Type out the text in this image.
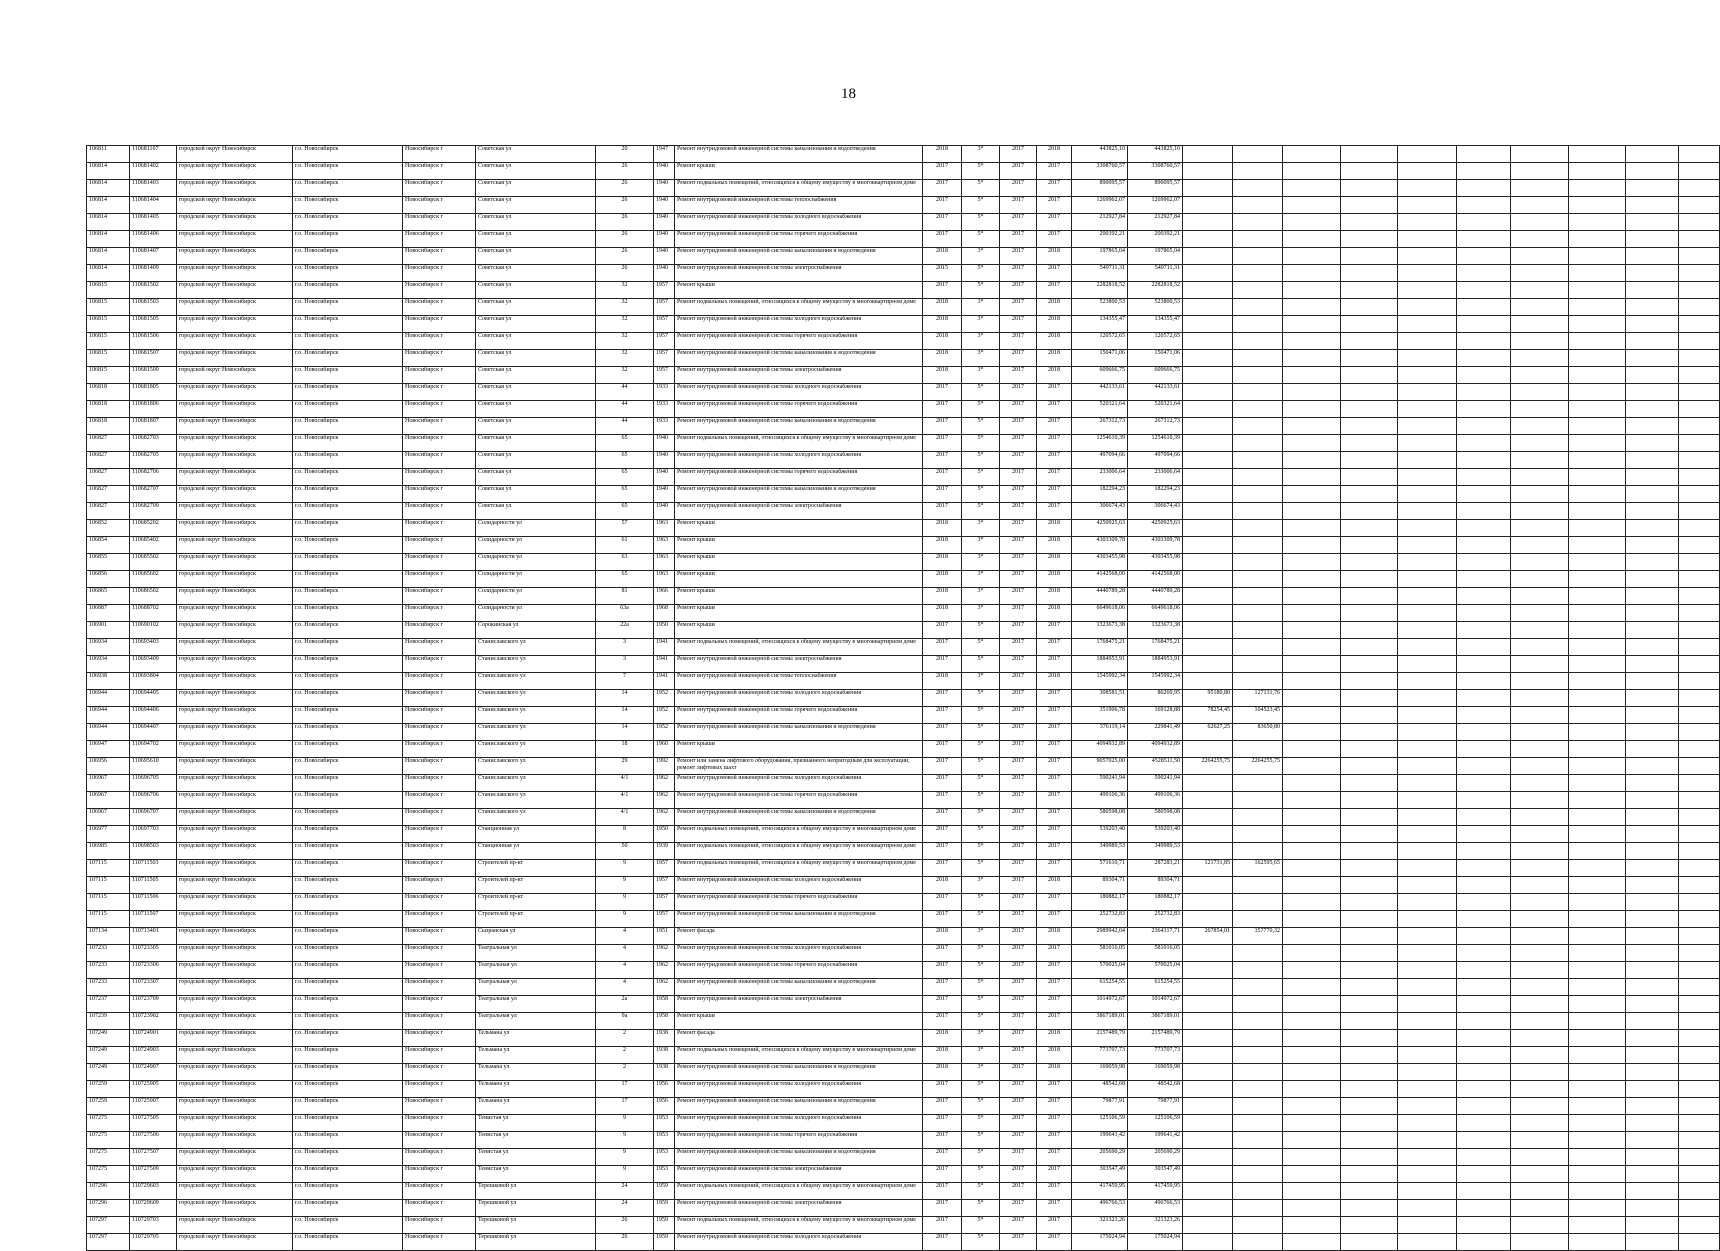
18
106811	110681107	городской округ Новосибирск	г.о. Новосибирск	Новосибирск г	Советская ул	20	1947	Ремонт внутридомовой инженерной системы канализования и водоотведения	2018	3*	2017	2018	443825,10	443825,10										
106814	110681402	городской округ Новосибирск	г.о. Новосибирск	Новосибирск г	Советская ул	26	1940	Ремонт крыши	2017	5*	2017	2017	3308760,57	3308760,57										
106814	110681403	городской округ Новосибирск	г.о. Новосибирск	Новосибирск г	Советская ул	26	1940	Ремонт подвальных помещений, относящихся к общему имуществу в многоквартирном доме	2017	5*	2017	2017	890095,57	890095,57										
106814	110681404	городской округ Новосибирск	г.о. Новосибирск	Новосибирск г	Советская ул	26	1940	Ремонт внутридомовой инженерной системы теплоснабжения	2017	5*	2017	2017	1269962,07	1269962,07										
106814	110681405	городской округ Новосибирск	г.о. Новосибирск	Новосибирск г	Советская ул	26	1940	Ремонт внутридомовой инженерной системы холодного водоснабжения	2017	5*	2017	2017	212927,84	212927,84										
106814	110681406	городской округ Новосибирск	г.о. Новосибирск	Новосибирск г	Советская ул	26	1940	Ремонт внутридомовой инженерной системы горячего водоснабжения	2017	5*	2017	2017	200392,21	200392,21										
106814	110681407	городской округ Новосибирск	г.о. Новосибирск	Новосибирск г	Советская ул	26	1940	Ремонт внутридомовой инженерной системы канализования и водоотведения	2018	3*	2017	2018	197865,04	197865,04										
106814	110681409	городской округ Новосибирск	г.о. Новосибирск	Новосибирск г	Советская ул	26	1940	Ремонт внутридомовой инженерной системы электроснабжения	2015	5*	2017	2017	549711,31	549711,31										
106815	110681502	городской округ Новосибирск	г.о. Новосибирск	Новосибирск г	Советская ул	32	1957	Ремонт крыши	2017	5*	2017	2017	2282818,52	2282818,52										
106815	110681503	городской округ Новосибирск	г.о. Новосибирск	Новосибирск г	Советская ул	32	1957	Ремонт подвальных помещений, относящихся к общему имуществу в многоквартирном доме	2018	3*	2017	2018	523800,53	523800,53										
106815	110681505	городской округ Новосибирск	г.о. Новосибирск	Новосибирск г	Советская ул	32	1957	Ремонт внутридомовой инженерной системы холодного водоснабжения	2018	3*	2017	2018	134355,47	134355,47										
106815	110681506	городской округ Новосибирск	г.о. Новосибирск	Новосибирск г	Советская ул	32	1957	Ремонт внутридомовой инженерной системы горячего водоснабжения	2018	3*	2017	2018	120572,65	120572,65										
106815	110681507	городской округ Новосибирск	г.о. Новосибирск	Новосибирск г	Советская ул	32	1957	Ремонт внутридомовой инженерной системы канализования и водоотведения	2018	3*	2017	2018	150471,06	150471,06										
106815	110681509	городской округ Новосибирск	г.о. Новосибирск	Новосибирск г	Советская ул	32	1957	Ремонт внутридомовой инженерной системы электроснабжения	2018	3*	2017	2018	609666,75	609666,75										
106818	110681805	городской округ Новосибирск	г.о. Новосибирск	Новосибирск г	Советская ул	44	1933	Ремонт внутридомовой инженерной системы холодного водоснабжения	2017	5*	2017	2017	442133,61	442133,61										
106818	110681806	городской округ Новосибирск	г.о. Новосибирск	Новосибирск г	Советская ул	44	1933	Ремонт внутридомовой инженерной системы горячего водоснабжения	2017	5*	2017	2017	520321,64	520321,64										
106818	110681807	городской округ Новосибирск	г.о. Новосибирск	Новосибирск г	Советская ул	44	1933	Ремонт внутридомовой инженерной системы канализования и водоотведения	2017	5*	2017	2017	267312,73	267312,73										
106827	110682703	городской округ Новосибирск	г.о. Новосибирск	Новосибирск г	Советская ул	65	1940	Ремонт подвальных помещений, относящихся к общему имуществу в многоквартирном доме	2017	5*	2017	2017	1254610,39	1254610,39										
106827	110682705	городской округ Новосибирск	г.о. Новосибирск	Новосибирск г	Советская ул	65	1940	Ремонт внутридомовой инженерной системы холодного водоснабжения	2017	5*	2017	2017	497094,66	497094,66										
106827	110682706	городской округ Новосибирск	г.о. Новосибирск	Новосибирск г	Советская ул	65	1940	Ремонт внутридомовой инженерной системы горячего водоснабжения	2017	5*	2017	2017	233006,64	233006,64										
106827	110682707	городской округ Новосибирск	г.о. Новосибирск	Новосибирск г	Советская ул	65	1940	Ремонт внутридомовой инженерной системы канализования и водоотведения	2017	5*	2017	2017	182294,23	182294,23										
106827	110682709	городской округ Новосибирск	г.о. Новосибирск	Новосибирск г	Советская ул	65	1940	Ремонт внутридомовой инженерной системы электроснабжения	2017	5*	2017	2017	306674,43	306674,43										
106852	110685202	городской округ Новосибирск	г.о. Новосибирск	Новосибирск г	Солидарности ул	57	1963	Ремонт крыши	2018	3*	2017	2018	4250925,63	4250925,63										
106854	110685402	городской округ Новосибирск	г.о. Новосибирск	Новосибирск г	Солидарности ул	61	1963	Ремонт крыши	2018	3*	2017	2018	4303309,78	4303309,78										
106855	110685502	городской округ Новосибирск	г.о. Новосибирск	Новосибирск г	Солидарности ул	63	1963	Ремонт крыши	2018	3*	2017	2018	4303455,98	4303455,98										
106856	110685602	городской округ Новосибирск	г.о. Новосибирск	Новосибирск г	Солидарности ул	65	1963	Ремонт крыши	2018	3*	2017	2018	4142568,00	4142568,00										
106865	110686502	городской округ Новосибирск	г.о. Новосибирск	Новосибирск г	Солидарности ул	81	1966	Ремонт крыши	2018	3*	2017	2018	4440789,28	4440789,28										
106887	110688702	городской округ Новосибирск	г.о. Новосибирск	Новосибирск г	Солидарности ул	63а	1968	Ремонт крыши	2018	3*	2017	2018	6649618,06	6649618,06										
106901	110690102	городской округ Новосибирск	г.о. Новосибирск	Новосибирск г	Сорокинская ул	22а	1950	Ремонт крыши	2017	5*	2017	2017	1323673,38	1323673,38										
106934	110693403	городской округ Новосибирск	г.о. Новосибирск	Новосибирск г	Станиславского ул	3	1941	Ремонт подвальных помещений, относящихся к общему имуществу в многоквартирном доме	2017	5*	2017	2017	1768475,21	1768475,21										
106934	110693409	городской округ Новосибирск	г.о. Новосибирск	Новосибирск г	Станиславского ул	3	1941	Ремонт внутридомовой инженерной системы электроснабжения	2017	5*	2017	2017	1884953,91	1884953,91										
106938	110693804	городской округ Новосибирск	г.о. Новосибирск	Новосибирск г	Станиславского ул	7	1941	Ремонт внутридомовой инженерной системы теплоснабжения	2018	3*	2017	2018	1545992,34	1545992,34										
106944	110694405	городской округ Новосибирск	г.о. Новосибирск	Новосибирск г	Станиславского ул	14	1952	Ремонт внутридомовой инженерной системы холодного водоснабжения	2017	5*	2017	2017	308581,51	86269,95	95180,80	127131,76								
106944	110694406	городской округ Новосибирск	г.о. Новосибирск	Новосибирск г	Станиславского ул	14	1952	Ремонт внутридомовой инженерной системы горячего водоснабжения	2017	5*	2017	2017	351906,78	169128,88	78254,45	104523,45								
106944	110694407	городской округ Новосибирск	г.о. Новосибирск	Новосибирск г	Станиславского ул	14	1952	Ремонт внутридомовой инженерной системы канализования и водоотведения	2017	5*	2017	2017	376119,14	229841,49	62627,25	83650,80								
106947	110694702	городской округ Новосибирск	г.о. Новосибирск	Новосибирск г	Станиславского ул	18	1960	Ремонт крыши	2017	5*	2017	2017	4094932,89	4094932,89										
106956	110695610	городской округ Новосибирск	г.о. Новосибирск	Новосибирск г	Станиславского ул	29	1992	Ремонт или замена лифтового оборудования, признанного непригодным для эксплуатации, ремонт лифтовых шахт	2017	5*	2017	2017	9057025,00	4528511,50	2264255,75	2264255,75								
106967	110696705	городской округ Новосибирск	г.о. Новосибирск	Новосибирск г	Станиславского ул	4/1	1962	Ремонт внутридомовой инженерной системы холодного водоснабжения	2017	5*	2017	2017	590241,94	590241,94										
106967	110696706	городской округ Новосибирск	г.о. Новосибирск	Новосибирск г	Станиславского ул	4/1	1962	Ремонт внутридомовой инженерной системы горячего водоснабжения	2017	5*	2017	2017	499106,36	499106,36										
106967	110696707	городской округ Новосибирск	г.о. Новосибирск	Новосибирск г	Станиславского ул	4/1	1962	Ремонт внутридомовой инженерной системы канализования и водоотведения	2017	5*	2017	2017	580598,08	580598,08										
106977	110697703	городской округ Новосибирск	г.о. Новосибирск	Новосибирск г	Станционная ул	8	1950	Ремонт подвальных помещений, относящихся к общему имуществу в многоквартирном доме	2017	5*	2017	2017	539203,40	539203,40										
106985	110698503	городской округ Новосибирск	г.о. Новосибирск	Новосибирск г	Станционная ул	50	1939	Ремонт подвальных помещений, относящихся к общему имуществу в многоквартирном доме	2017	5*	2017	2017	349989,53	349989,53										
107115	110711503	городской округ Новосибирск	г.о. Новосибирск	Новосибирск г	Строителей пр-кт	9	1957	Ремонт подвальных помещений, относящихся к общему имуществу в многоквартирном доме	2017	5*	2017	2017	571610,71	287283,21	121731,85	162595,65								
107115	110711505	городской округ Новосибирск	г.о. Новосибирск	Новосибирск г	Строителей пр-кт	9	1957	Ремонт внутридомовой инженерной системы холодного водоснабжения	2018	3*	2017	2018	89304,71	89304,71										
107115	110711506	городской округ Новосибирск	г.о. Новосибирск	Новосибирск г	Строителей пр-кт	9	1957	Ремонт внутридомовой инженерной системы горячего водоснабжения	2017	5*	2017	2017	180882,17	180882,17										
107115	110711507	городской округ Новосибирск	г.о. Новосибирск	Новосибирск г	Строителей пр-кт	9	1957	Ремонт внутридомовой инженерной системы канализования и водоотведения	2017	5*	2017	2017	252732,83	252732,83										
107134	110713401	городской округ Новосибирск	г.о. Новосибирск	Новосибирск г	Сызранская ул	4	1951	Ремонт фасада	2018	3*	2017	2018	2989942,04	2364317,71	267854,01	357770,32								
107233	110723305	городской округ Новосибирск	г.о. Новосибирск	Новосибирск г	Театральная ул	4	1962	Ремонт внутридомовой инженерной системы холодного водоснабжения	2017	5*	2017	2017	581016,05	581016,05										
107233	110723306	городской округ Новосибирск	г.о. Новосибирск	Новосибирск г	Театральная ул	4	1962	Ремонт внутридомовой инженерной системы горячего водоснабжения	2017	5*	2017	2017	570025,04	570025,04										
107233	110723307	городской округ Новосибирск	г.о. Новосибирск	Новосибирск г	Театральная ул	4	1962	Ремонт внутридомовой инженерной системы канализования и водоотведения	2017	5*	2017	2017	615254,55	615254,55										
107237	110723709	городской округ Новосибирск	г.о. Новосибирск	Новосибирск г	Театральная ул	2а	1958	Ремонт внутридомовой инженерной системы электроснабжения	2017	5*	2017	2017	1014972,67	1014972,67										
107239	110723902	городской округ Новосибирск	г.о. Новосибирск	Новосибирск г	Театральная ул	9а	1958	Ремонт крыши	2017	5*	2017	2017	3867189,01	3867189,01										
107249	110724901	городской округ Новосибирск	г.о. Новосибирск	Новосибирск г	Тельмана ул	2	1938	Ремонт фасада	2018	3*	2017	2018	2157489,79	2157489,79										
107249	110724903	городской округ Новосибирск	г.о. Новосибирск	Новосибирск г	Тельмана ул	2	1938	Ремонт подвальных помещений, относящихся к общему имуществу в многоквартирном доме	2018	3*	2017	2018	773707,73	773707,73										
107249	110724907	городской округ Новосибирск	г.о. Новосибирск	Новосибирск г	Тельмана ул	2	1938	Ремонт внутридомовой инженерной системы канализования и водоотведения	2018	3*	2017	2018	169059,98	169059,98										
107259	110725905	городской округ Новосибирск	г.о. Новосибирск	Новосибирск г	Тельмана ул	17	1956	Ремонт внутридомовой инженерной системы холодного водоснабжения	2017	5*	2017	2017	48542,68	48542,68										
107259	110725907	городской округ Новосибирск	г.о. Новосибирск	Новосибирск г	Тельмана ул	17	1956	Ремонт внутридомовой инженерной системы канализования и водоотведения	2017	5*	2017	2017	79877,91	79877,91										
107275	110727505	городской округ Новосибирск	г.о. Новосибирск	Новосибирск г	Тенистая ул	9	1953	Ремонт внутридомовой инженерной системы холодного водоснабжения	2017	5*	2017	2017	125106,59	125106,59										
107275	110727506	городской округ Новосибирск	г.о. Новосибирск	Новосибирск г	Тенистая ул	9	1953	Ремонт внутридомовой инженерной системы горячего водоснабжения	2017	5*	2017	2017	199641,42	199641,42										
107275	110727507	городской округ Новосибирск	г.о. Новосибирск	Новосибирск г	Тенистая ул	9	1953	Ремонт внутридомовой инженерной системы канализования и водоотведения	2017	5*	2017	2017	205690,29	205690,29										
107275	110727509	городской округ Новосибирск	г.о. Новосибирск	Новосибирск г	Тенистая ул	9	1953	Ремонт внутридомовой инженерной системы электроснабжения	2017	5*	2017	2017	303547,49	303547,49										
107296	110729603	городской округ Новосибирск	г.о. Новосибирск	Новосибирск г	Терешковой ул	24	1959	Ремонт подвальных помещений, относящихся к общему имуществу в многоквартирном доме	2017	5*	2017	2017	417459,95	417459,95										
107296	110729609	городской округ Новосибирск	г.о. Новосибирск	Новосибирск г	Терешковой ул	24	1959	Ремонт внутридомовой инженерной системы электроснабжения	2017	5*	2017	2017	496766,53	496766,53										
107297	110729703	городской округ Новосибирск	г.о. Новосибирск	Новосибирск г	Терешковой ул	26	1959	Ремонт подвальных помещений, относящихся к общему имуществу в многоквартирном доме	2017	5*	2017	2017	321323,26	321323,26										
107297	110729705	городской округ Новосибирск	г.о. Новосибирск	Новосибирск г	Терешковой ул	26	1959	Ремонт внутридомовой инженерной системы холодного водоснабжения	2017	5*	2017	2017	175024,94	175024,94										
